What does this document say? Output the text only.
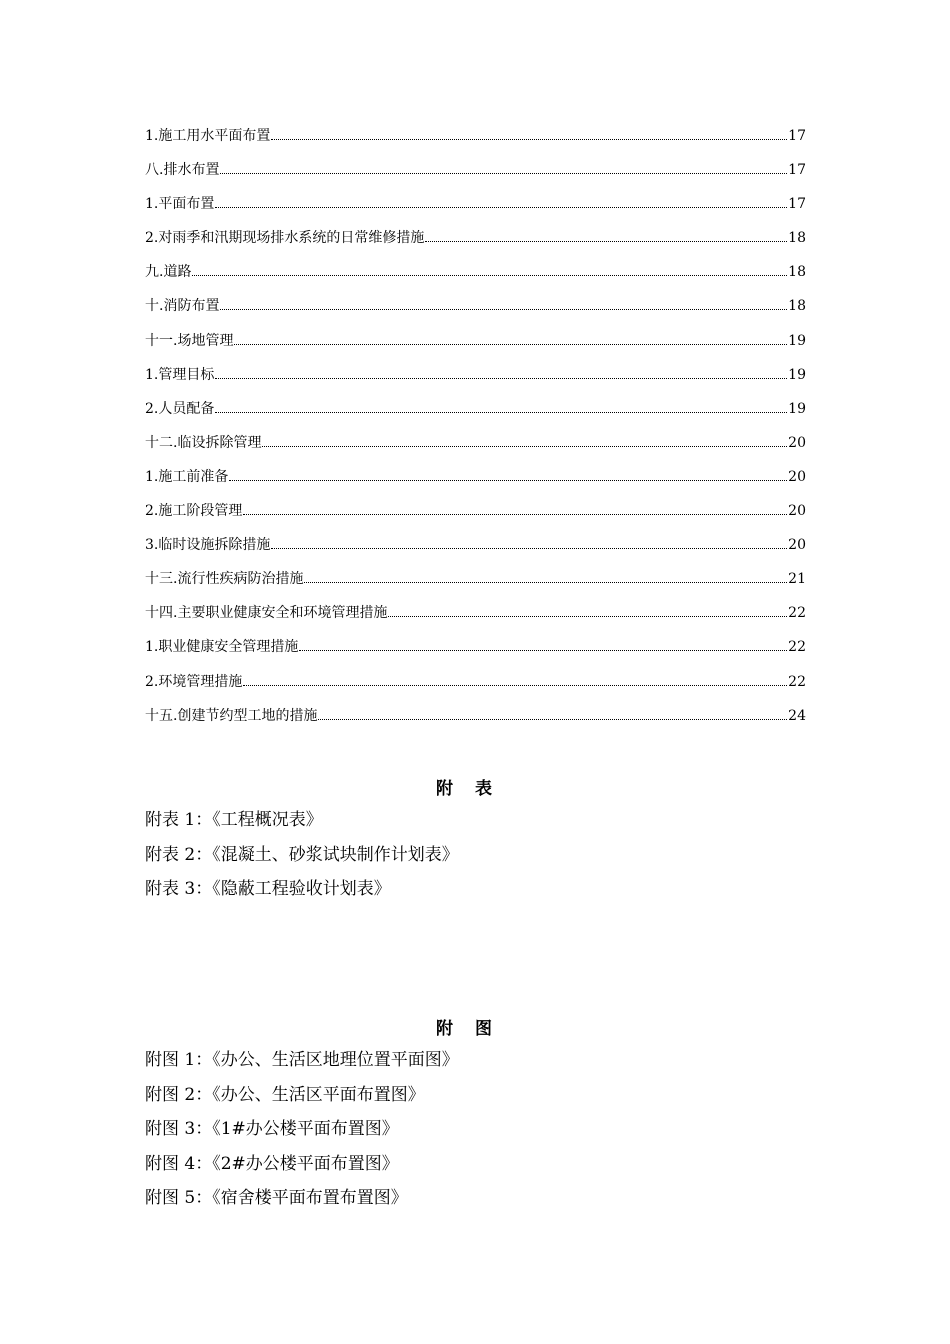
1.施工用水平面布置	17
八.排水布置	17
1.平面布置	17
2.对雨季和汛期现场排水系统的日常维修措施	18
九.道路	18
十.消防布置	18
十一.场地管理	19
1.管理目标	19
2.人员配备	19
十二.临设拆除管理	20
1.施工前准备	20
2.施工阶段管理	20
3.临时设施拆除措施	20
十三.流行性疾病防治措施	21
十四.主要职业健康安全和环境管理措施	22
1.职业健康安全管理措施	22
2.环境管理措施	22
十五.创建节约型工地的措施	24
附表
附表 1：《工程概况表》
附表 2：《混凝土、砂浆试块制作计划表》
附表 3：《隐蔽工程验收计划表》
附图
附图 1：《办公、生活区地理位置平面图》
附图 2：《办公、生活区平面布置图》
附图 3：《1#办公楼平面布置图》
附图 4：《2#办公楼平面布置图》
附图 5：《宿舍楼平面布置布置图》
